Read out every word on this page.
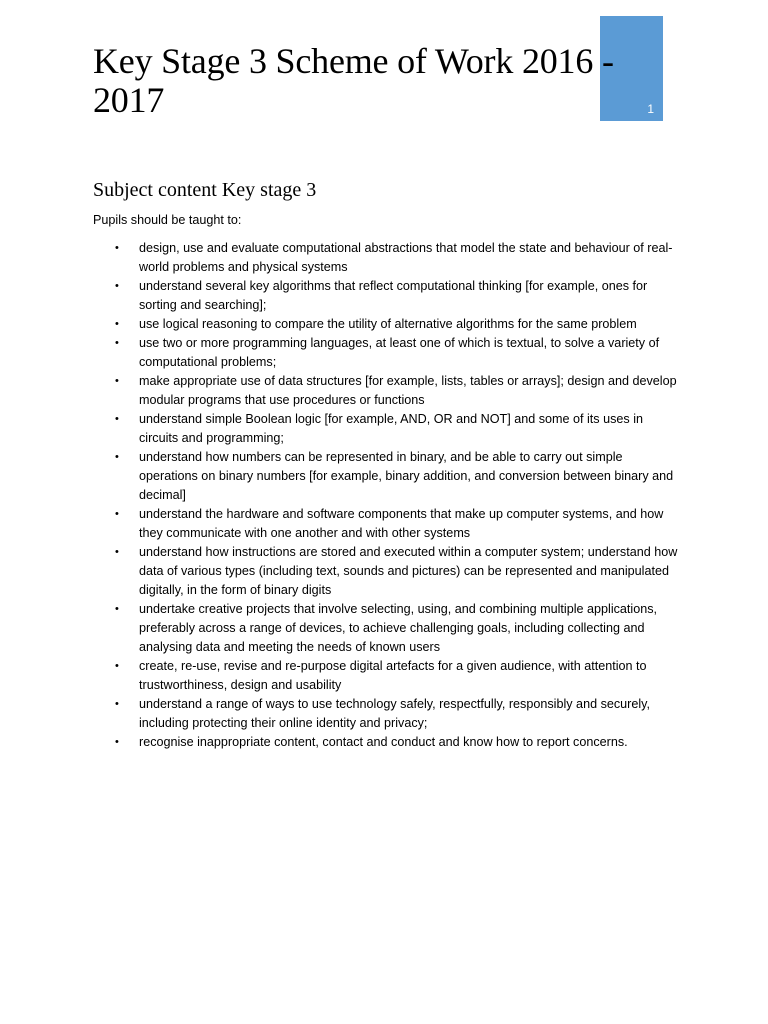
1
Key Stage 3 Scheme of Work 2016 - 2017
Subject content Key stage 3

Pupils should be taught to:

• design, use and evaluate computational abstractions that model the state and behaviour of real-world problems and physical systems
• understand several key algorithms that reflect computational thinking [for example, ones for sorting and searching];
• use logical reasoning to compare the utility of alternative algorithms for the same problem
• use two or more programming languages, at least one of which is textual, to solve a variety of computational problems;
• make appropriate use of data structures [for example, lists, tables or arrays]; design and develop modular programs that use procedures or functions
• understand simple Boolean logic [for example, AND, OR and NOT] and some of its uses in circuits and programming;
• understand how numbers can be represented in binary, and be able to carry out simple operations on binary numbers [for example, binary addition, and conversion between binary and decimal]
• understand the hardware and software components that make up computer systems, and how they communicate with one another and with other systems
• understand how instructions are stored and executed within a computer system; understand how data of various types (including text, sounds and pictures) can be represented and manipulated digitally, in the form of binary digits
• undertake creative projects that involve selecting, using, and combining multiple applications, preferably across a range of devices, to achieve challenging goals, including collecting and analysing data and meeting the needs of known users
• create, re-use, revise and re-purpose digital artefacts for a given audience, with attention to trustworthiness, design and usability
• understand a range of ways to use technology safely, respectfully, responsibly and securely, including protecting their online identity and privacy;
• recognise inappropriate content, contact and conduct and know how to report concerns.
